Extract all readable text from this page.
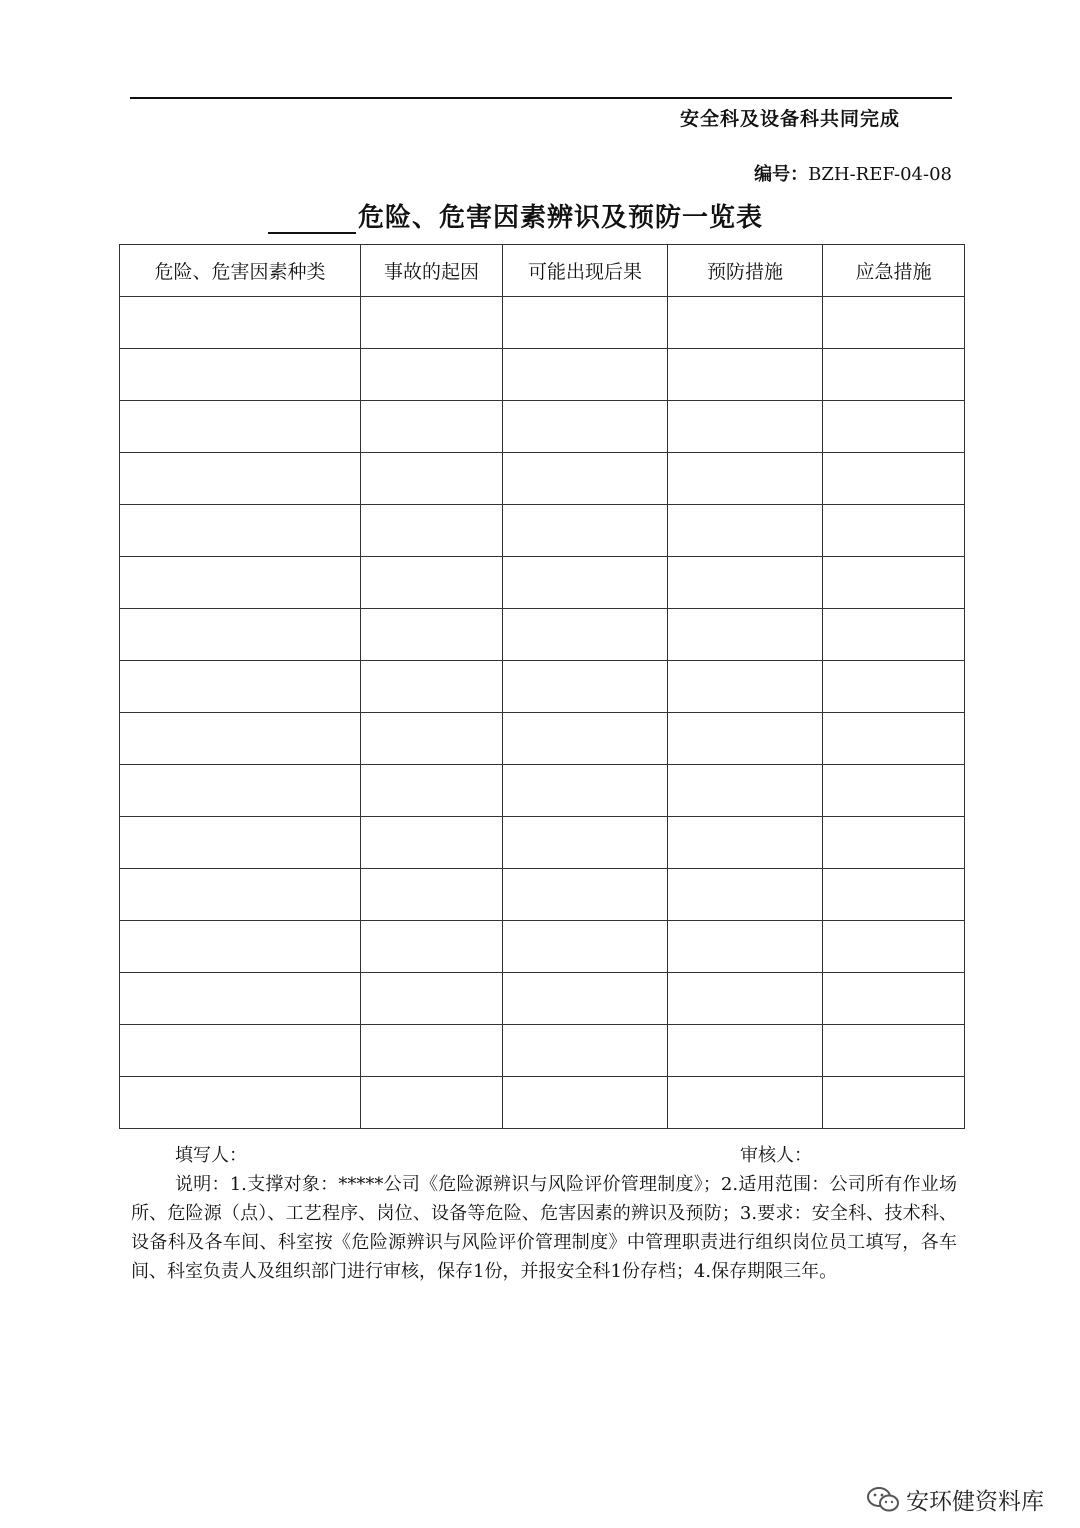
安全科及设备科共同完成
编号：BZH-REF-04-08
危险、危害因素辨识及预防一览表
危险、危害因素种类	事故的起因	可能出现后果	预防措施	应急措施

填写人：	审核人：
说明：1.支撑对象：*****公司《危险源辨识与风险评价管理制度》；2.适用范围：公司所有作业场所、危险源（点）、工艺程序、岗位、设备等危险、危害因素的辨识及预防；3.要求：安全科、技术科、设备科及各车间、科室按《危险源辨识与风险评价管理制度》中管理职责进行组织岗位员工填写，各车间、科室负责人及组织部门进行审核，保存1份，并报安全科1份存档；4.保存期限三年。
安环健资料库
